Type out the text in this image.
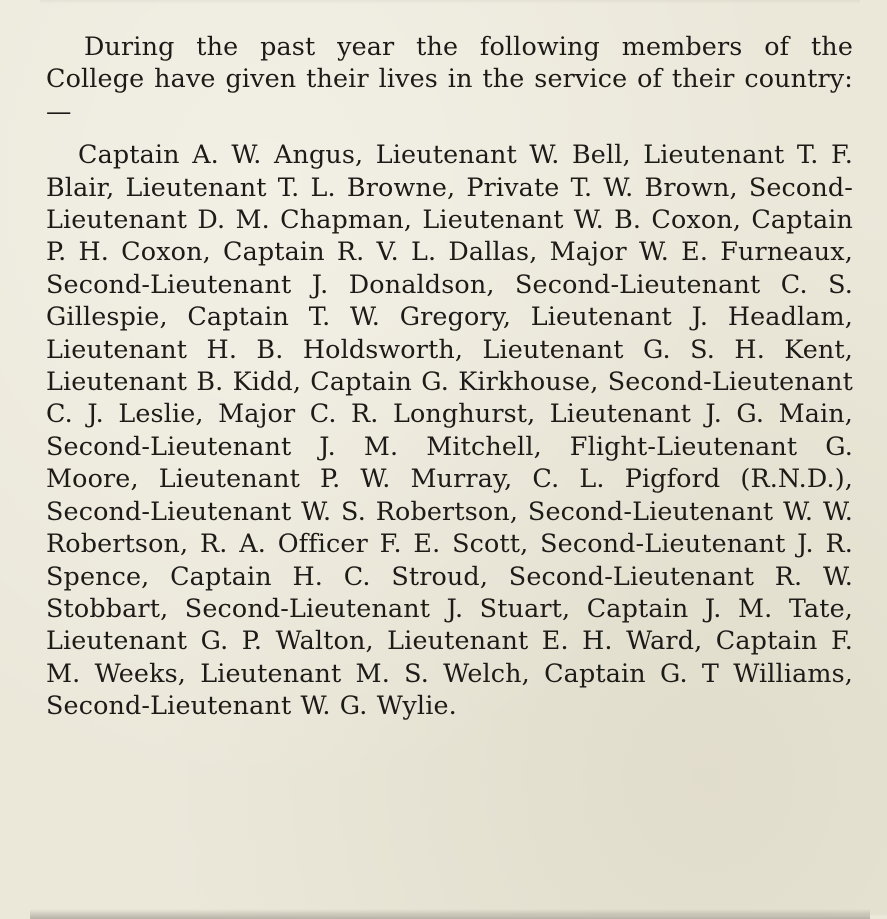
During the past year the following members of the College have given their lives in the service of their country:—

Captain A. W. Angus, Lieutenant W. Bell, Lieutenant T. F. Blair, Lieutenant T. L. Browne, Private T. W. Brown, Second-Lieutenant D. M. Chapman, Lieutenant W. B. Coxon, Captain P. H. Coxon, Captain R. V. L. Dallas, Major W. E. Furneaux, Second-Lieutenant J. Donaldson, Second-Lieutenant C. S. Gillespie, Captain T. W. Gregory, Lieutenant J. Headlam, Lieutenant H. B. Holdsworth, Lieutenant G. S. H. Kent, Lieutenant B. Kidd, Captain G. Kirkhouse, Second-Lieutenant C. J. Leslie, Major C. R. Longhurst, Lieutenant J. G. Main, Second-Lieutenant J. M. Mitchell, Flight-Lieutenant G. Moore, Lieutenant P. W. Murray, C. L. Pigford (R.N.D.), Second-Lieutenant W. S. Robertson, Second-Lieutenant W. W. Robertson, R. A. Officer F. E. Scott, Second-Lieutenant J. R. Spence, Captain H. C. Stroud, Second-Lieutenant R. W. Stobbart, Second-Lieutenant J. Stuart, Captain J. M. Tate, Lieutenant G. P. Walton, Lieutenant E. H. Ward, Captain F. M. Weeks, Lieutenant M. S. Welch, Captain G. T Williams, Second-Lieutenant W. G. Wylie.
